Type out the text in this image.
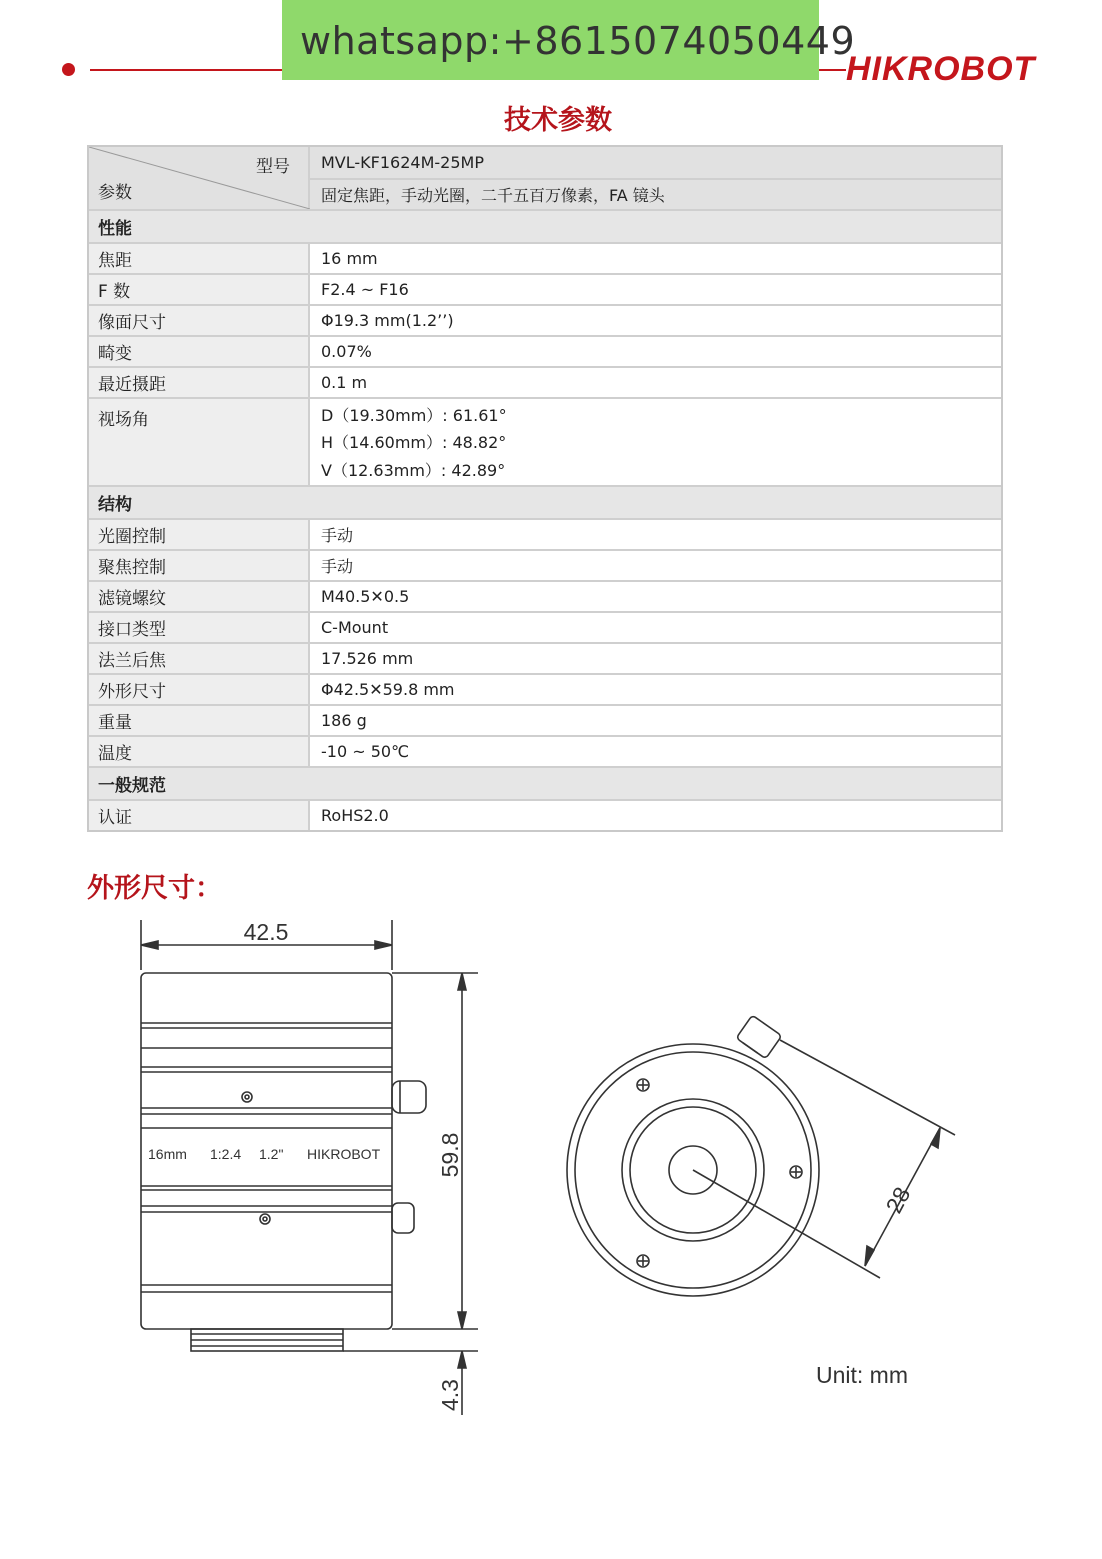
whatsapp:+8615074050449
HIKROBOT
技术参数
型号
参数
MVL-KF1624M-25MP
固定焦距，手动光圈，二千五百万像素，FA 镜头
性能
焦距	16 mm
F 数	F2.4 ~ F16
像面尺寸	Φ19.3 mm(1.2’’)
畸变	0.07%
最近摄距	0.1 m
视场角	D（19.30mm）: 61.61°
H（14.60mm）: 48.82°
V（12.63mm）: 42.89°
结构
光圈控制	手动
聚焦控制	手动
滤镜螺纹	M40.5✕0.5
接口类型	C-Mount
法兰后焦	17.526 mm
外形尺寸	Φ42.5✕59.8 mm
重量	186 g
温度	-10 ~ 50℃
一般规范
认证	RoHS2.0
外形尺寸：
42.5
16mm 1:2.4 1.2" HIKROBOT 59.8
4.3
28
Unit: mm
